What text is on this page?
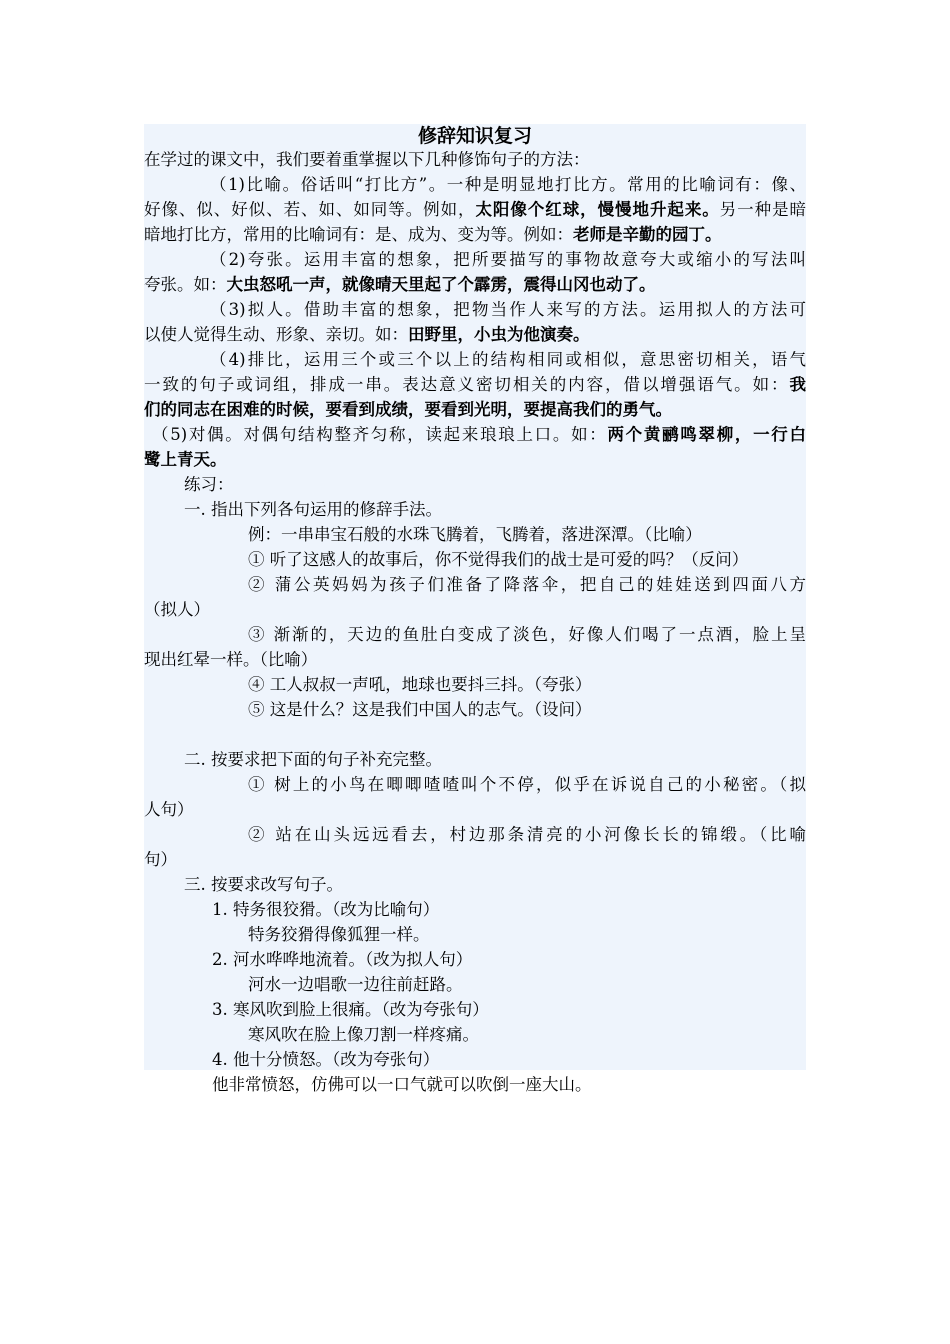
修辞知识复习
在学过的课文中，我们要着重掌握以下几种修饰句子的方法：
（1)比喻。俗话叫“打比方”。一种是明显地打比方。常用的比喻词有：像、
好像、似、好似、若、如、如同等。例如，太阳像个红球，慢慢地升起来。另一种是暗
暗地打比方，常用的比喻词有：是、成为、变为等。例如：老师是辛勤的园丁。
（2)夸张。运用丰富的想象，把所要描写的事物故意夸大或缩小的写法叫
夸张。如：大虫怒吼一声，就像晴天里起了个霹雳，震得山冈也动了。
（3)拟人。借助丰富的想象，把物当作人来写的方法。运用拟人的方法可
以使人觉得生动、形象、亲切。如：田野里，小虫为他演奏。
（4)排比，运用三个或三个以上的结构相同或相似，意思密切相关，语气
一致的句子或词组，排成一串。表达意义密切相关的内容，借以增强语气。如：我
们的同志在困难的时候，要看到成绩，要看到光明，要提高我们的勇气。
（5)对偶。对偶句结构整齐匀称，读起来琅琅上口。如：两个黄鹂鸣翠柳，一行白
鹭上青天。
练习：
一. 指出下列各句运用的修辞手法。
例：一串串宝石般的水珠飞腾着，飞腾着，落进深潭。（比喻）
① 听了这感人的故事后，你不觉得我们的战士是可爱的吗？（反问）
② 蒲公英妈妈为孩子们准备了降落伞，把自己的娃娃送到四面八方
（拟人）
③ 渐渐的，天边的鱼肚白变成了淡色，好像人们喝了一点酒，脸上呈
现出红晕一样。（比喻）
④ 工人叔叔一声吼，地球也要抖三抖。（夸张）
⑤ 这是什么？这是我们中国人的志气。（设问）
二. 按要求把下面的句子补充完整。
① 树上的小鸟在唧唧喳喳叫个不停，似乎在诉说自己的小秘密。（拟
人句）
② 站在山头远远看去，村边那条清亮的小河像长长的锦缎。（比喻
句）
三. 按要求改写句子。
1. 特务很狡猾。（改为比喻句）
特务狡猾得像狐狸一样。
2. 河水哗哗地流着。（改为拟人句）
河水一边唱歌一边往前赶路。
3. 寒风吹到脸上很痛。（改为夸张句）
寒风吹在脸上像刀割一样疼痛。
4. 他十分愤怒。（改为夸张句）
他非常愤怒，仿佛可以一口气就可以吹倒一座大山。
